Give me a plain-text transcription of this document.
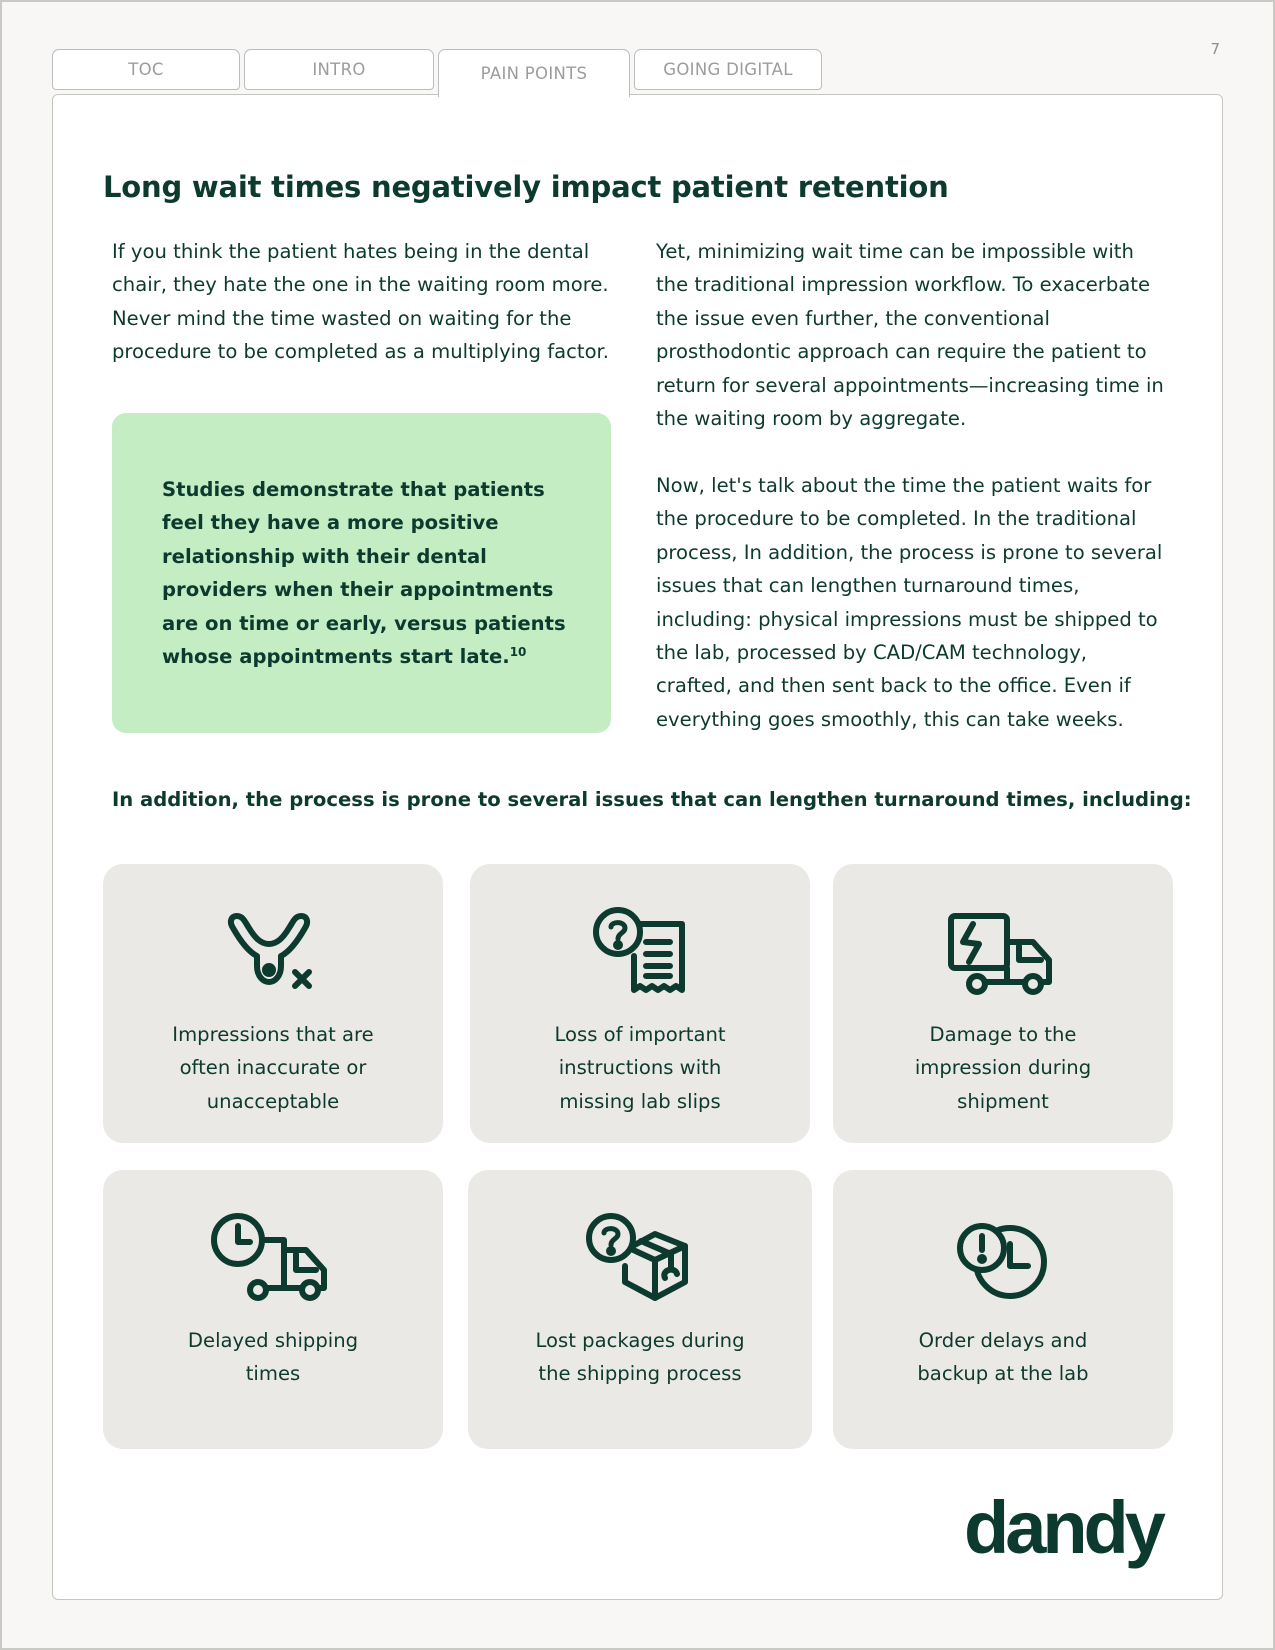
7
TOC	INTRO	PAIN POINTS	GOING DIGITAL
Long wait times negatively impact patient retention

If you think the patient hates being in the dental chair, they hate the one in the waiting room more. Never mind the time wasted on waiting for the procedure to be completed as a multiplying factor.

Studies demonstrate that patients feel they have a more positive relationship with their dental providers when their appointments are on time or early, versus patients whose appointments start late.$^{10}$

Yet, minimizing wait time can be impossible with the traditional impression workflow. To exacerbate the issue even further, the conventional prosthodontic approach can require the patient to return for several appointments—increasing time in the waiting room by aggregate.

Now, let's talk about the time the patient waits for the procedure to be completed. In the traditional process, In addition, the process is prone to several issues that can lengthen turnaround times, including: physical impressions must be shipped to the lab, processed by CAD/CAM technology, crafted, and then sent back to the office. Even if everything goes smoothly, this can take weeks.

In addition, the process is prone to several issues that can lengthen turnaround times, including:
Impressions that are
often inaccurate or
unacceptable
Loss of important
instructions with
missing lab slips
Damage to the
impression during
shipment
Delayed shipping
times
Lost packages during
the shipping process
Order delays and
backup at the lab
dandy
